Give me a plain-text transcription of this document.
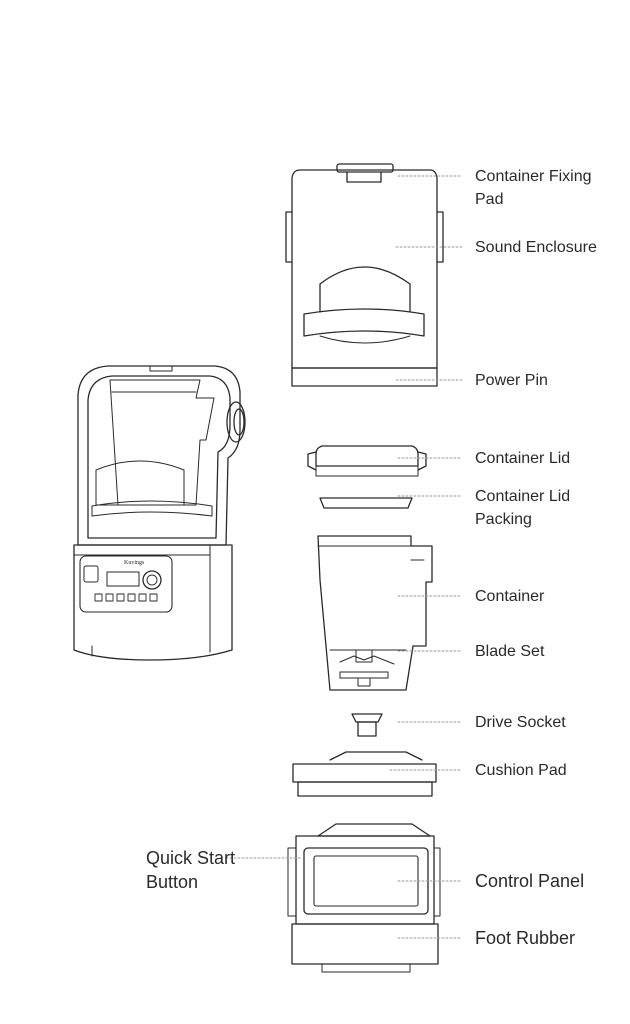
Container Fixing
Pad
Sound Enclosure
Power Pin
Container Lid
Container Lid
Packing
Container
Blade Set
Drive Socket
Cushion Pad
Quick Start
Button	Control Panel
Foot Rubber
Kuvings
